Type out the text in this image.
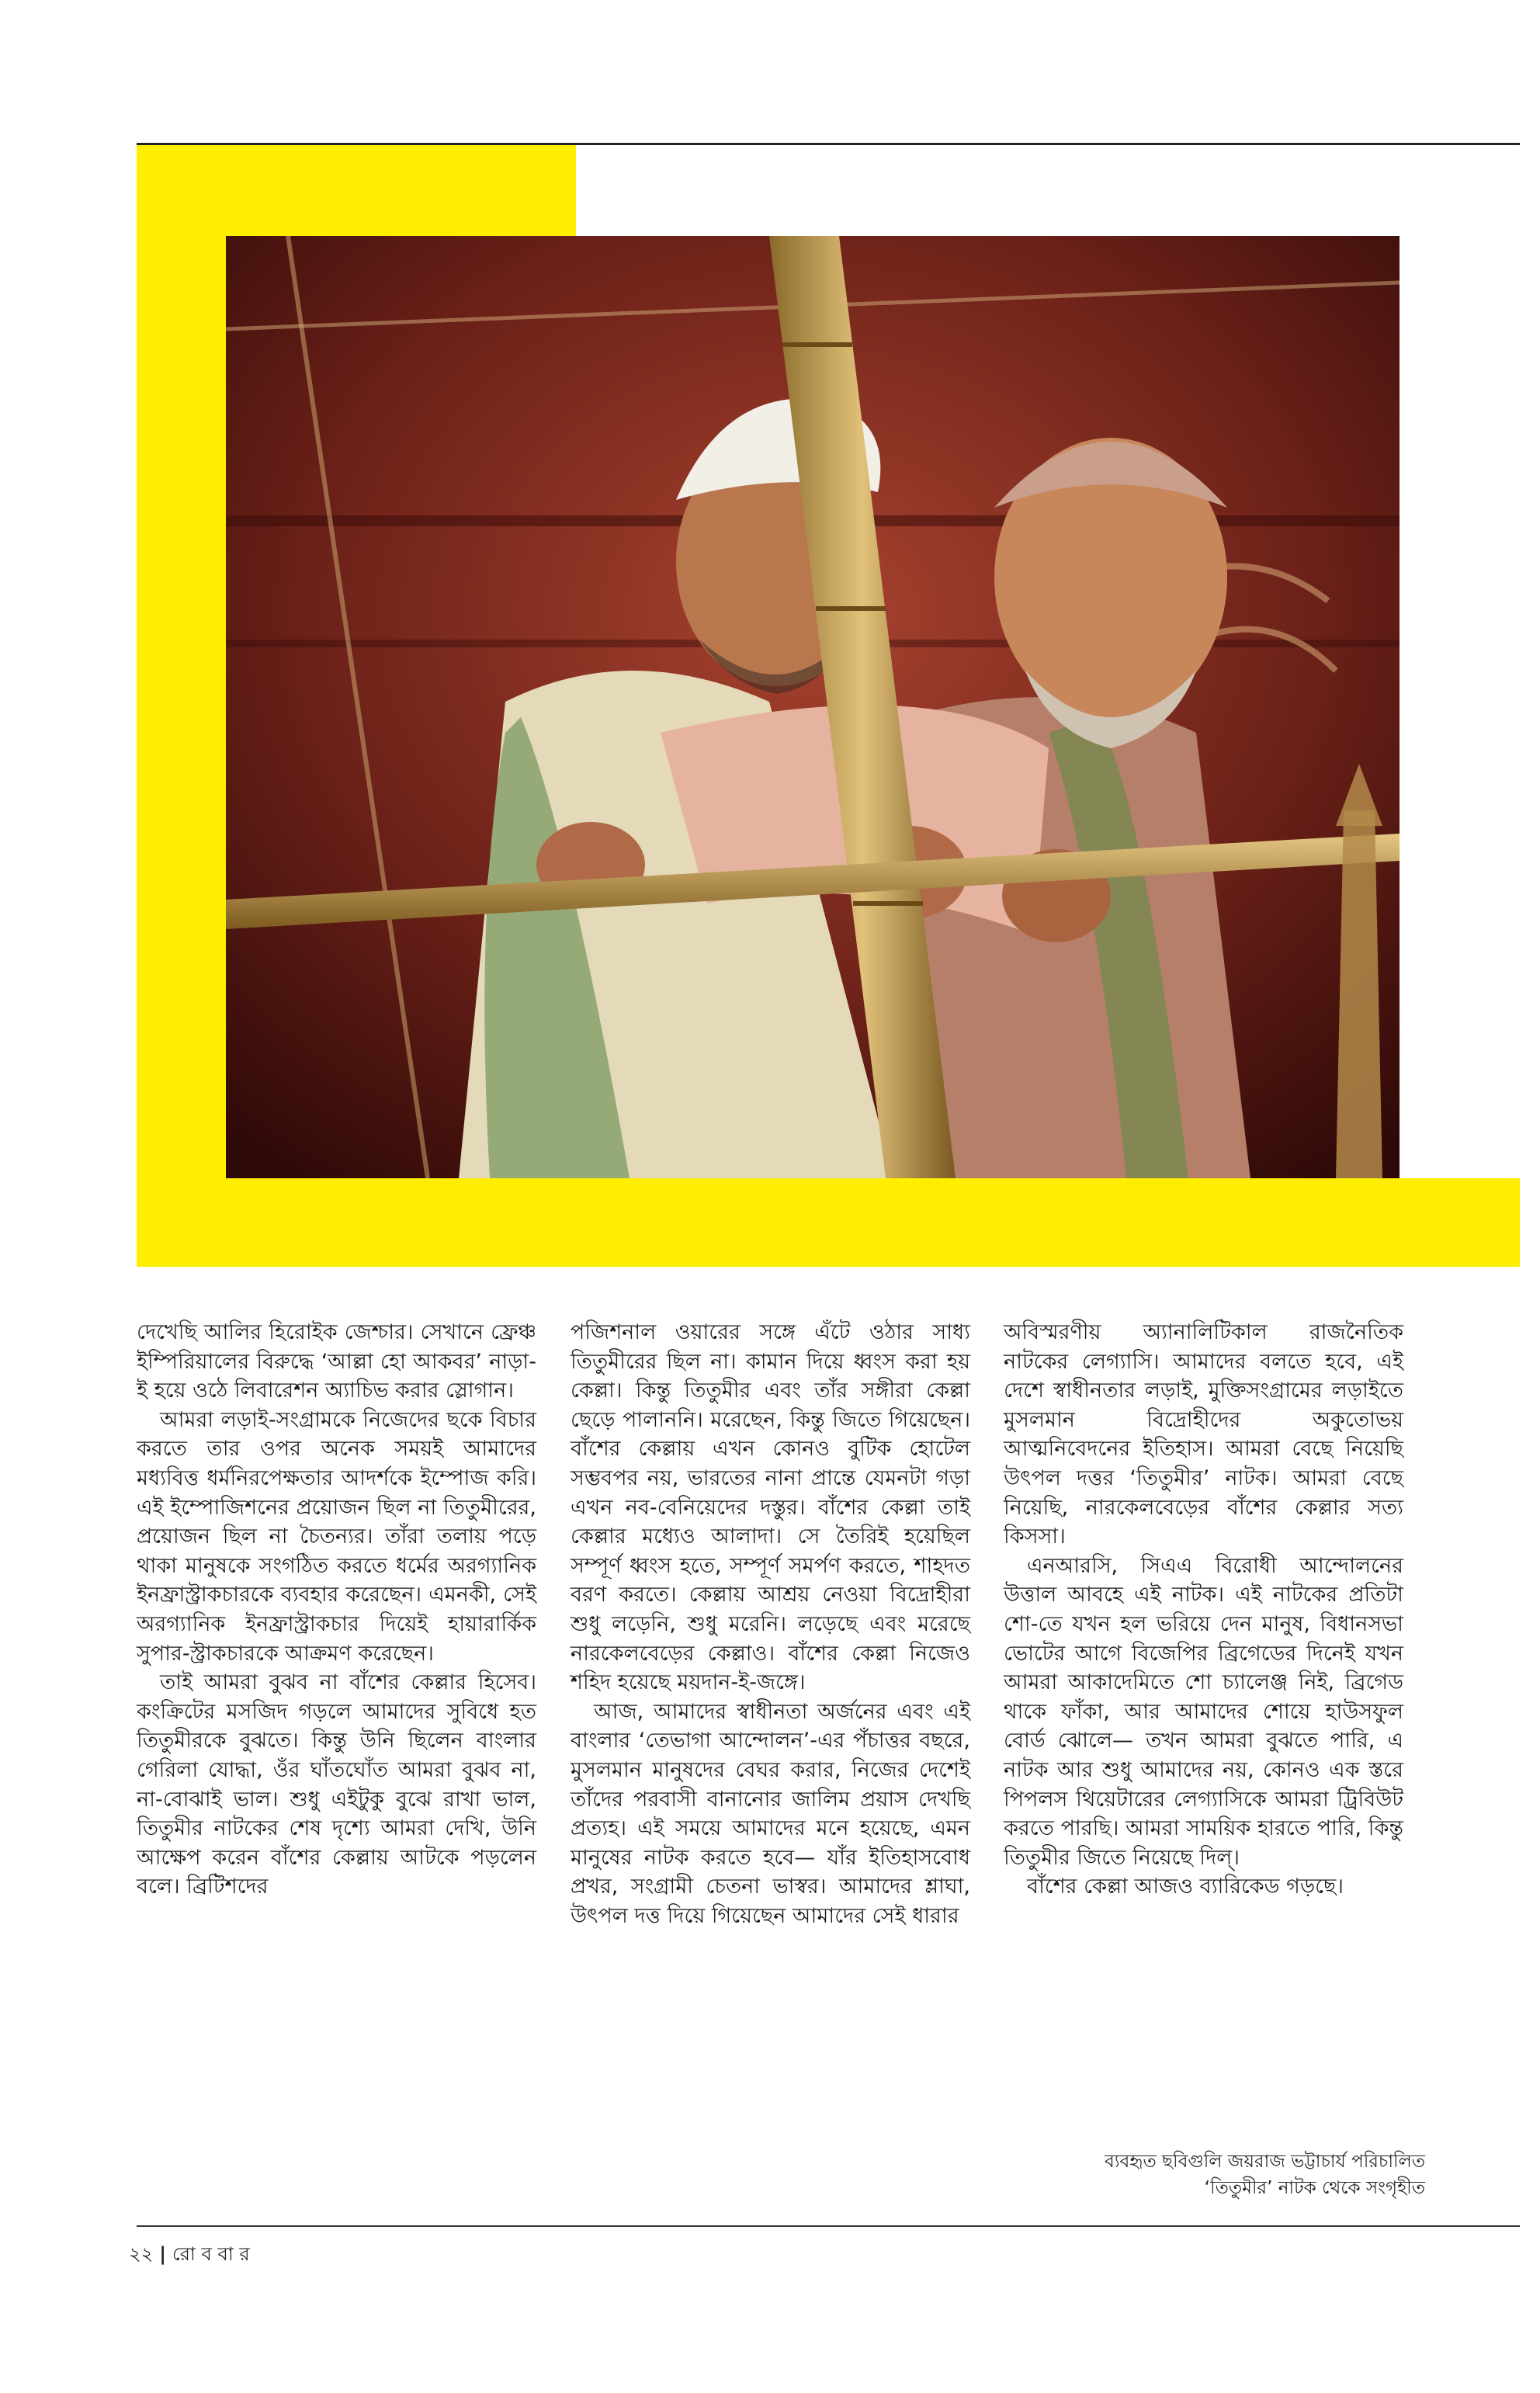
দেখেছি আলির হিরোইক জেশ্চার। সেখানে ফ্রেঞ্চ ইম্পিরিয়ালের বিরুদ্ধে ‘আল্লা হো আকবর’ নাড়া-ই হয়ে ওঠে লিবারেশন অ্যাচিভ করার স্লোগান।

আমরা লড়াই-সংগ্রামকে নিজেদের ছকে বিচার করতে তার ওপর অনেক সময়ই আমাদের মধ্যবিত্ত ধর্মনিরপেক্ষতার আদর্শকে ইম্পোজ করি। এই ইম্পোজিশনের প্রয়োজন ছিল না তিতুমীরের, প্রয়োজন ছিল না চৈতন্যর। তাঁরা তলায় পড়ে থাকা মানুষকে সংগঠিত করতে ধর্মের অরগ্যানিক ইনফ্রাস্ট্রাকচারকে ব্যবহার করেছেন। এমনকী, সেই অরগ্যানিক ইনফ্রাস্ট্রাকচার দিয়েই হায়ারার্কিক সুপার-স্ট্রাকচারকে আক্রমণ করেছেন।

তাই আমরা বুঝব না বাঁশের কেল্লার হিসেব। কংক্রিটের মসজিদ গড়লে আমাদের সুবিধে হত তিতুমীরকে বুঝতে। কিন্তু উনি ছিলেন বাংলার গেরিলা যোদ্ধা, ওঁর ঘাঁতঘোঁত আমরা বুঝব না, না-বোঝাই ভাল। শুধু এইটুকু বুঝে রাখা ভাল, তিতুমীর নাটকের শেষ দৃশ্যে আমরা দেখি, উনি আক্ষেপ করেন বাঁশের কেল্লায় আটকে পড়লেন বলে। ব্রিটিশদের

পজিশনাল ওয়ারের সঙ্গে এঁটে ওঠার সাধ্য তিতুমীরের ছিল না। কামান দিয়ে ধ্বংস করা হয় কেল্লা। কিন্তু তিতুমীর এবং তাঁর সঙ্গীরা কেল্লা ছেড়ে পালাননি। মরেছেন, কিন্তু জিতে গিয়েছেন। বাঁশের কেল্লায় এখন কোনও বুটিক হোটেল সম্ভবপর নয়, ভারতের নানা প্রান্তে যেমনটা গড়া এখন নব-বেনিয়েদের দস্তুর। বাঁশের কেল্লা তাই কেল্লার মধ্যেও আলাদা। সে তৈরিই হয়েছিল সম্পূর্ণ ধ্বংস হতে, সম্পূর্ণ সমর্পণ করতে, শাহদত বরণ করতে। কেল্লায় আশ্রয় নেওয়া বিদ্রোহীরা শুধু লড়েনি, শুধু মরেনি। লড়েছে এবং মরেছে নারকেলবেড়ের কেল্লাও। বাঁশের কেল্লা নিজেও শহিদ হয়েছে ময়দান-ই-জঙ্গে।

আজ, আমাদের স্বাধীনতা অর্জনের এবং এই বাংলার ‘তেভাগা আন্দোলন’-এর পঁচাত্তর বছরে, মুসলমান মানুষদের বেঘর করার, নিজের দেশেই তাঁদের পরবাসী বানানোর জালিম প্রয়াস দেখছি প্রত্যহ। এই সময়ে আমাদের মনে হয়েছে, এমন মানুষের নাটক করতে হবে— যাঁর ইতিহাসবোধ প্রখর, সংগ্রামী চেতনা ভাস্বর। আমাদের শ্লাঘা, উৎপল দত্ত দিয়ে গিয়েছেন আমাদের সেই ধারার

অবিস্মরণীয় অ্যানালিটিকাল রাজনৈতিক নাটকের লেগ্যাসি। আমাদের বলতে হবে, এই দেশে স্বাধীনতার লড়াই, মুক্তিসংগ্রামের লড়াইতে মুসলমান বিদ্রোহীদের অকুতোভয় আত্মনিবেদনের ইতিহাস। আমরা বেছে নিয়েছি উৎপল দত্তর ‘তিতুমীর’ নাটক। আমরা বেছে নিয়েছি, নারকেলবেড়ের বাঁশের কেল্লার সত্য কিসসা।

এনআরসি, সিএএ বিরোধী আন্দোলনের উত্তাল আবহে এই নাটক। এই নাটকের প্রতিটা শো-তে যখন হল ভরিয়ে দেন মানুষ, বিধানসভা ভোটের আগে বিজেপির ব্রিগেডের দিনেই যখন আমরা আকাদেমিতে শো চ্যালেঞ্জ নিই, ব্রিগেড থাকে ফাঁকা, আর আমাদের শোয়ে হাউসফুল বোর্ড ঝোলে— তখন আমরা বুঝতে পারি, এ নাটক আর শুধু আমাদের নয়, কোনও এক স্তরে পিপলস থিয়েটারের লেগ্যাসিকে আমরা ট্রিবিউট করতে পারছি। আমরা সাময়িক হারতে পারি, কিন্তু তিতুমীর জিতে নিয়েছে দিল্।

বাঁশের কেল্লা আজও ব্যারিকেড গড়ছে।

ব্যবহৃত ছবিগুলি জয়রাজ ভট্টাচার্য পরিচালিত
‘তিতুমীর’ নাটক থেকে সংগৃহীত
২২ | রো ব বা র
